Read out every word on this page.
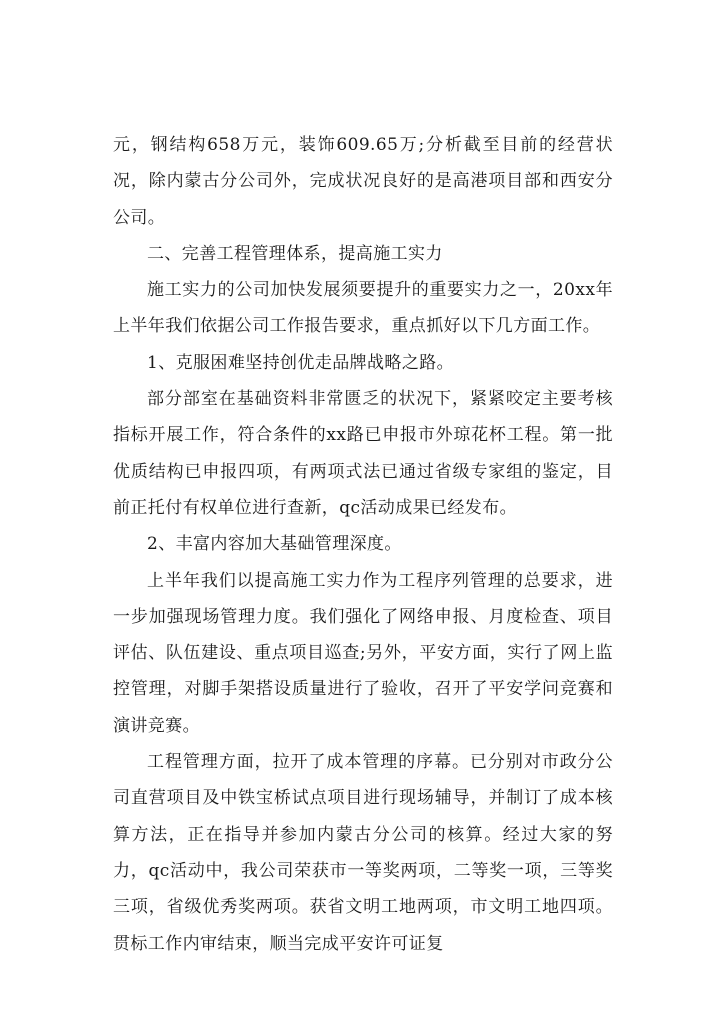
元，钢结构658万元，装饰609.65万;分析截至目前的经营状况，除内蒙古分公司外，完成状况良好的是高港项目部和西安分公司。

二、完善工程管理体系，提高施工实力

施工实力的公司加快发展须要提升的重要实力之一，20xx年上半年我们依据公司工作报告要求，重点抓好以下几方面工作。

1、克服困难坚持创优走品牌战略之路。

部分部室在基础资料非常匮乏的状况下，紧紧咬定主要考核指标开展工作，符合条件的xx路已申报市外琼花杯工程。第一批优质结构已申报四项，有两项式法已通过省级专家组的鉴定，目前正托付有权单位进行查新，qc活动成果已经发布。

2、丰富内容加大基础管理深度。

上半年我们以提高施工实力作为工程序列管理的总要求，进一步加强现场管理力度。我们强化了网络申报、月度检查、项目评估、队伍建设、重点项目巡查;另外，平安方面，实行了网上监控管理，对脚手架搭设质量进行了验收，召开了平安学问竞赛和演讲竞赛。

工程管理方面，拉开了成本管理的序幕。已分别对市政分公司直营项目及中铁宝桥试点项目进行现场辅导，并制订了成本核算方法，正在指导并参加内蒙古分公司的核算。经过大家的努力，qc活动中，我公司荣获市一等奖两项，二等奖一项，三等奖三项，省级优秀奖两项。获省文明工地两项，市文明工地四项。贯标工作内审结束，顺当完成平安许可证复
